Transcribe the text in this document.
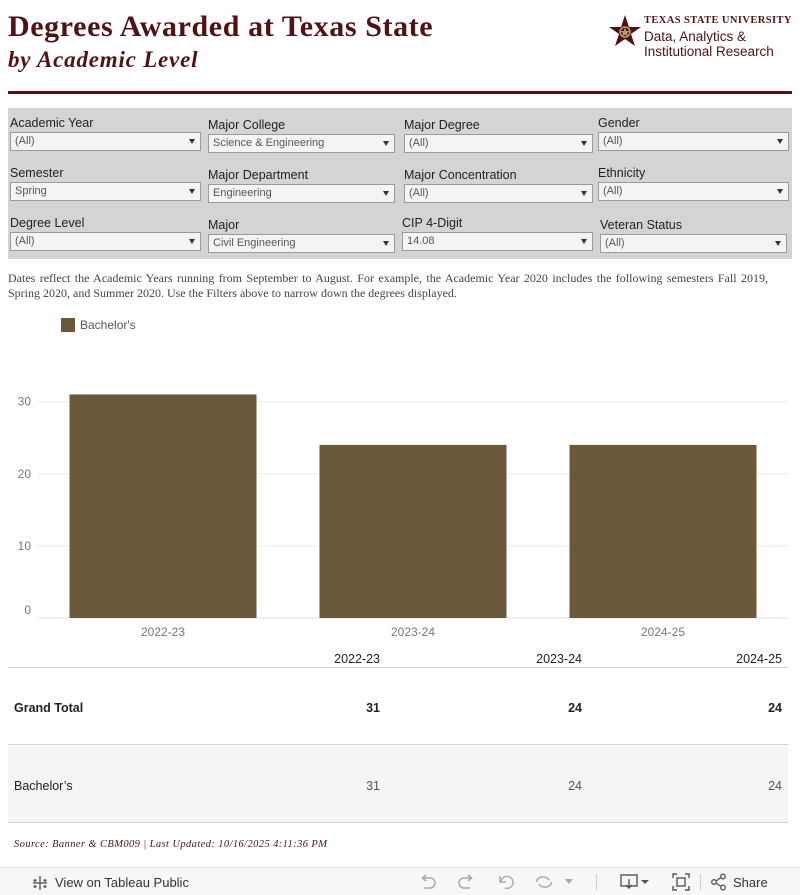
Degrees Awarded at Texas State
by Academic Level
TEXAS STATE UNIVERSITY
Data, Analytics &
Institutional Research
Academic Year
(All)
Major College
Science & Engineering
Major Degree
(All)
Gender
(All)
Semester
Spring
Major Department
Engineering
Major Concentration
(All)
Ethnicity
(All)
Degree Level
(All)
Major
Civil Engineering
CIP 4-Digit
14.08
Veteran Status
(All)
Dates reflect the Academic Years running from September to August. For example, the Academic Year 2020 includes the following semesters Fall 2019, Spring 2020, and Summer 2020. Use the Filters above to narrow down the degrees displayed.
Bachelor's
0
10
20
30
2022-23	2023-24	2024-25
2022-23	2023-24	2024-25
Grand Total	31	24	24
Bachelor’s	31	24	24
Source: Banner & CBM009 | Last Updated: 10/16/2025 4:11:36 PM
View on Tableau Public	Share
